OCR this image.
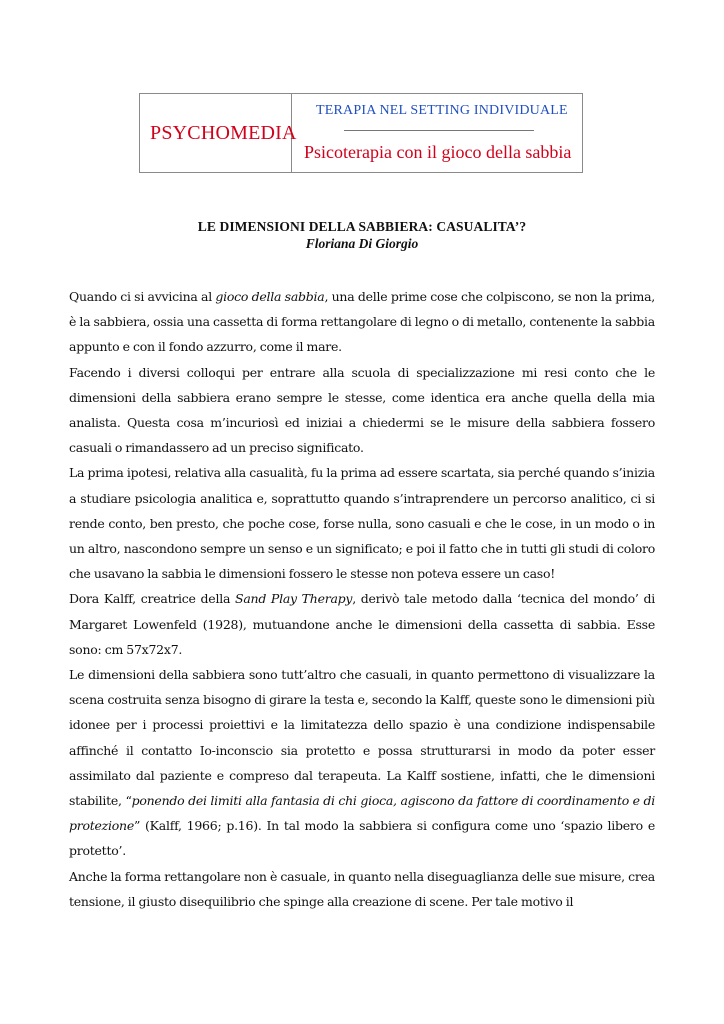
PSYCHOMEDIA
TERAPIA NEL SETTING INDIVIDUALE
Psicoterapia con il gioco della sabbia
LE DIMENSIONI DELLA SABBIERA: CASUALITA’?
Floriana Di Giorgio

Quando ci si avvicina al gioco della sabbia, una delle prime cose che colpiscono, se non la prima, è la sabbiera, ossia una cassetta di forma rettangolare di legno o di metallo, contenente la sabbia appunto e con il fondo azzurro, come il mare.

Facendo i diversi colloqui per entrare alla scuola di specializzazione mi resi conto che le dimensioni della sabbiera erano sempre le stesse, come identica era anche quella della mia analista. Questa cosa m’incuriosì ed iniziai a chiedermi se le misure della sabbiera fossero casuali o rimandassero ad un preciso significato.

La prima ipotesi, relativa alla casualità, fu la prima ad essere scartata, sia perché quando s’inizia a studiare psicologia analitica e, soprattutto quando s’intraprendere un percorso analitico, ci si rende conto, ben presto, che poche cose, forse nulla, sono casuali e che le cose, in un modo o in un altro, nascondono sempre un senso e un significato; e poi il fatto che in tutti gli studi di coloro che usavano la sabbia le dimensioni fossero le stesse non poteva essere un caso!

Dora Kalff, creatrice della Sand Play Therapy, derivò tale metodo dalla ‘tecnica del mondo’ di Margaret Lowenfeld (1928), mutuandone anche le dimensioni della cassetta di sabbia. Esse sono: cm 57x72x7.

Le dimensioni della sabbiera sono tutt’altro che casuali, in quanto permettono di visualizzare la scena costruita senza bisogno di girare la testa e, secondo la Kalff, queste sono le dimensioni più idonee per i processi proiettivi e la limitatezza dello spazio è una condizione indispensabile affinché il contatto Io-inconscio sia protetto e possa strutturarsi in modo da poter esser assimilato dal paziente e compreso dal terapeuta. La Kalff sostiene, infatti, che le dimensioni stabilite, “ponendo dei limiti alla fantasia di chi gioca, agiscono da fattore di coordinamento e di protezione” (Kalff, 1966; p.16). In tal modo la sabbiera si configura come uno ‘spazio libero e protetto’.

Anche la forma rettangolare non è casuale, in quanto nella diseguaglianza delle sue misure, crea tensione, il giusto disequilibrio che spinge alla creazione di scene. Per tale motivo il
